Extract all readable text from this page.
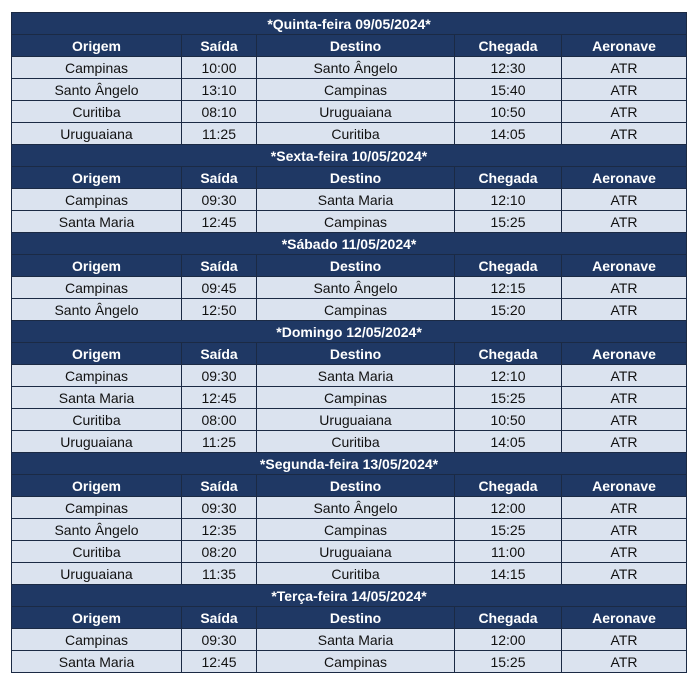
*Quinta-feira 09/05/2024*				
Origem	Saída	Destino	Chegada	Aeronave
Campinas	10:00	Santo Ângelo	12:30	ATR
Santo Ângelo	13:10	Campinas	15:40	ATR
Curitiba	08:10	Uruguaiana	10:50	ATR
Uruguaiana	11:25	Curitiba	14:05	ATR
*Sexta-feira 10/05/2024*				
Origem	Saída	Destino	Chegada	Aeronave
Campinas	09:30	Santa Maria	12:10	ATR
Santa Maria	12:45	Campinas	15:25	ATR
*Sábado 11/05/2024*				
Origem	Saída	Destino	Chegada	Aeronave
Campinas	09:45	Santo Ângelo	12:15	ATR
Santo Ângelo	12:50	Campinas	15:20	ATR
*Domingo 12/05/2024*				
Origem	Saída	Destino	Chegada	Aeronave
Campinas	09:30	Santa Maria	12:10	ATR
Santa Maria	12:45	Campinas	15:25	ATR
Curitiba	08:00	Uruguaiana	10:50	ATR
Uruguaiana	11:25	Curitiba	14:05	ATR
*Segunda-feira 13/05/2024*				
Origem	Saída	Destino	Chegada	Aeronave
Campinas	09:30	Santo Ângelo	12:00	ATR
Santo Ângelo	12:35	Campinas	15:25	ATR
Curitiba	08:20	Uruguaiana	11:00	ATR
Uruguaiana	11:35	Curitiba	14:15	ATR
*Terça-feira 14/05/2024*				
Origem	Saída	Destino	Chegada	Aeronave
Campinas	09:30	Santa Maria	12:00	ATR
Santa Maria	12:45	Campinas	15:25	ATR
